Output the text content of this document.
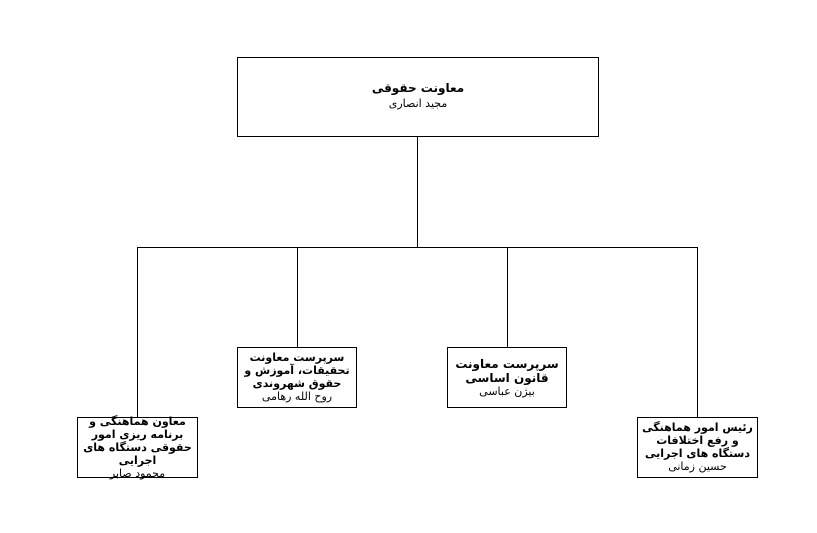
معاونت حقوقی
مجید انصاری
معاون هماهنگی و برنامه ریزی امور حقوقی دستگاه های اجرایی
محمود صابر
سرپرست معاونت تحقیقات، آموزش و حقوق شهروندی
روح الله رهامی
سرپرست معاونت قانون اساسی
بیژن عباسی
رئیس امور هماهنگی و رفع اختلافات دستگاه های اجرایی
حسین زمانی
